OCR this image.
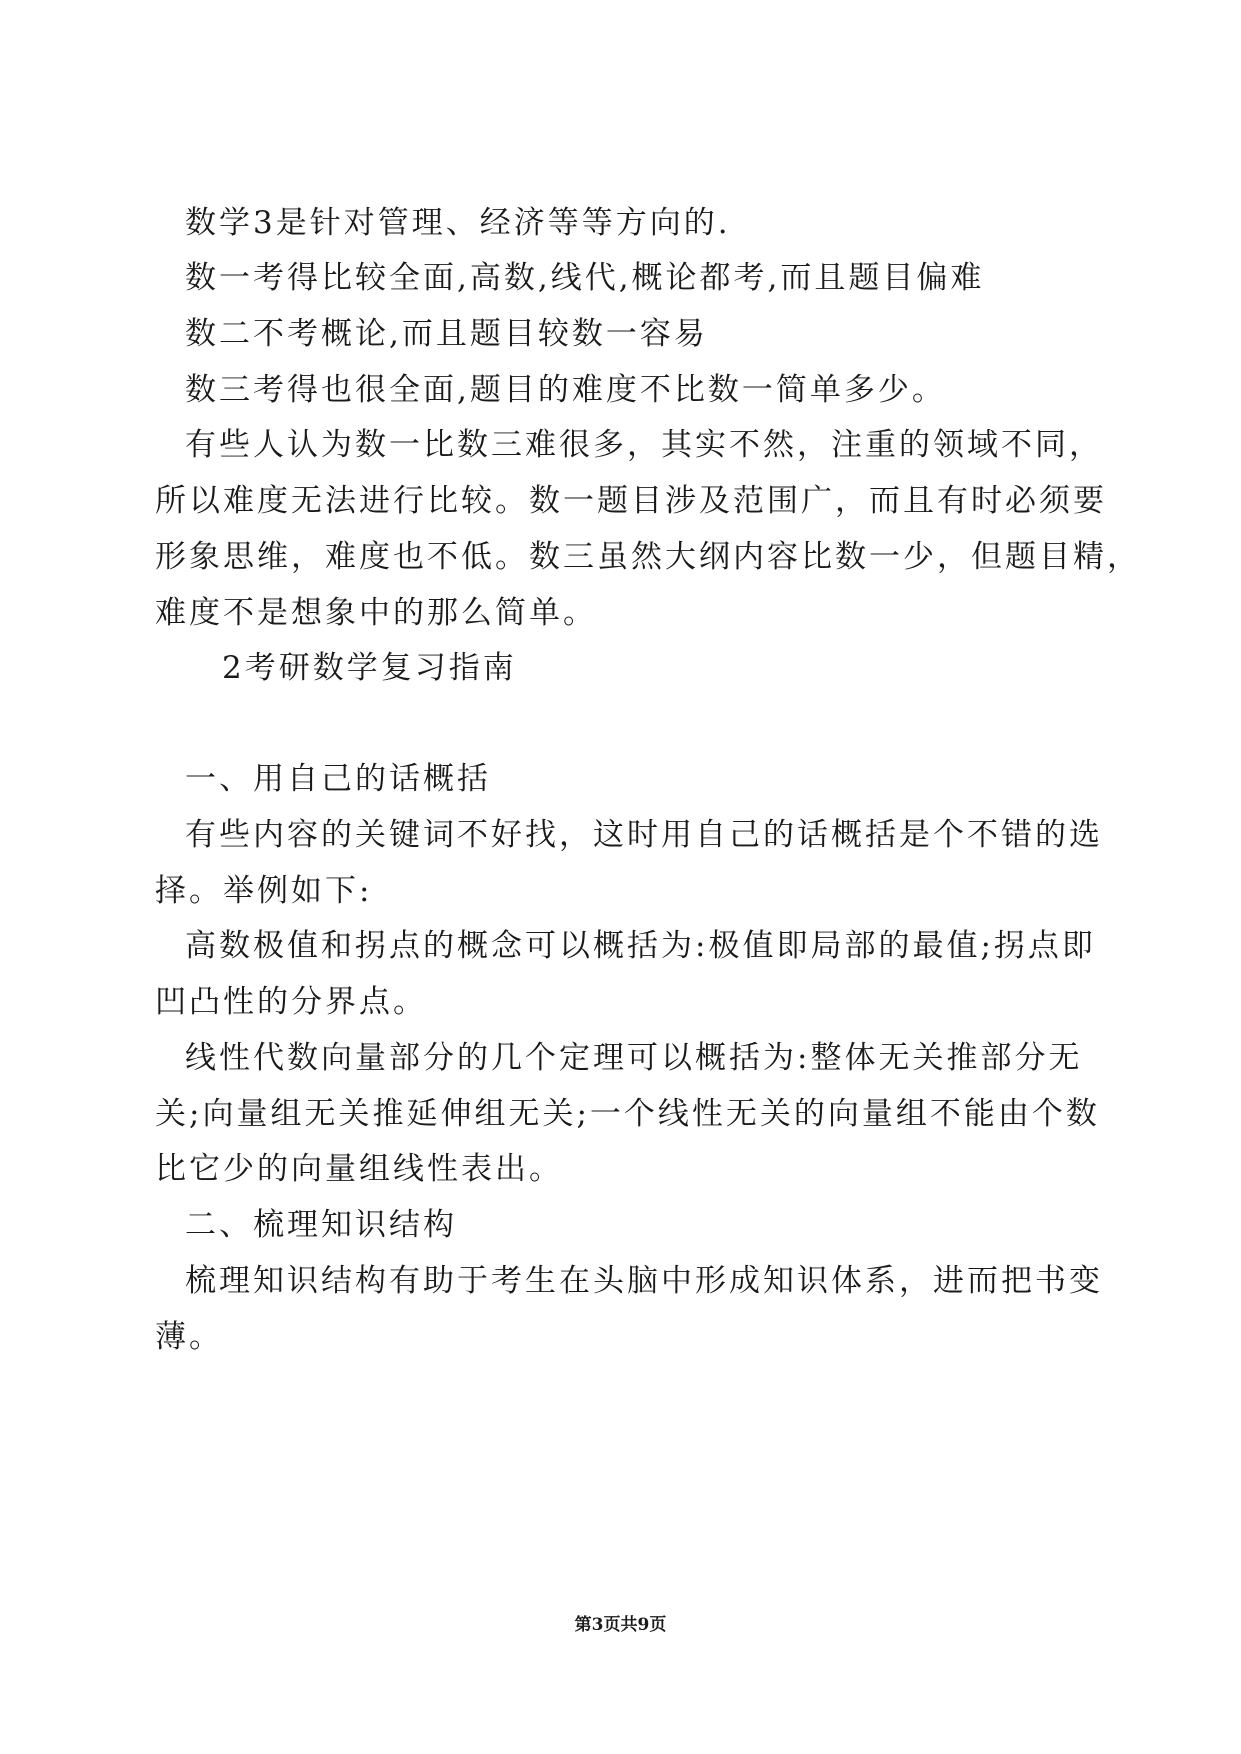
数学3是针对管理、经济等等方向的.

数一考得比较全面,高数,线代,概论都考,而且题目偏难

数二不考概论,而且题目较数一容易

数三考得也很全面,题目的难度不比数一简单多少。

有些人认为数一比数三难很多，其实不然，注重的领域不同，

所以难度无法进行比较。数一题目涉及范围广，而且有时必须要

形象思维，难度也不低。数三虽然大纲内容比数一少，但题目精，

难度不是想象中的那么简单。

2考研数学复习指南

一、用自己的话概括

有些内容的关键词不好找，这时用自己的话概括是个不错的选

择。举例如下:

高数极值和拐点的概念可以概括为:极值即局部的最值;拐点即

凹凸性的分界点。

线性代数向量部分的几个定理可以概括为:整体无关推部分无

关;向量组无关推延伸组无关;一个线性无关的向量组不能由个数

比它少的向量组线性表出。

二、梳理知识结构

梳理知识结构有助于考生在头脑中形成知识体系，进而把书变

薄。

第3页共9页
